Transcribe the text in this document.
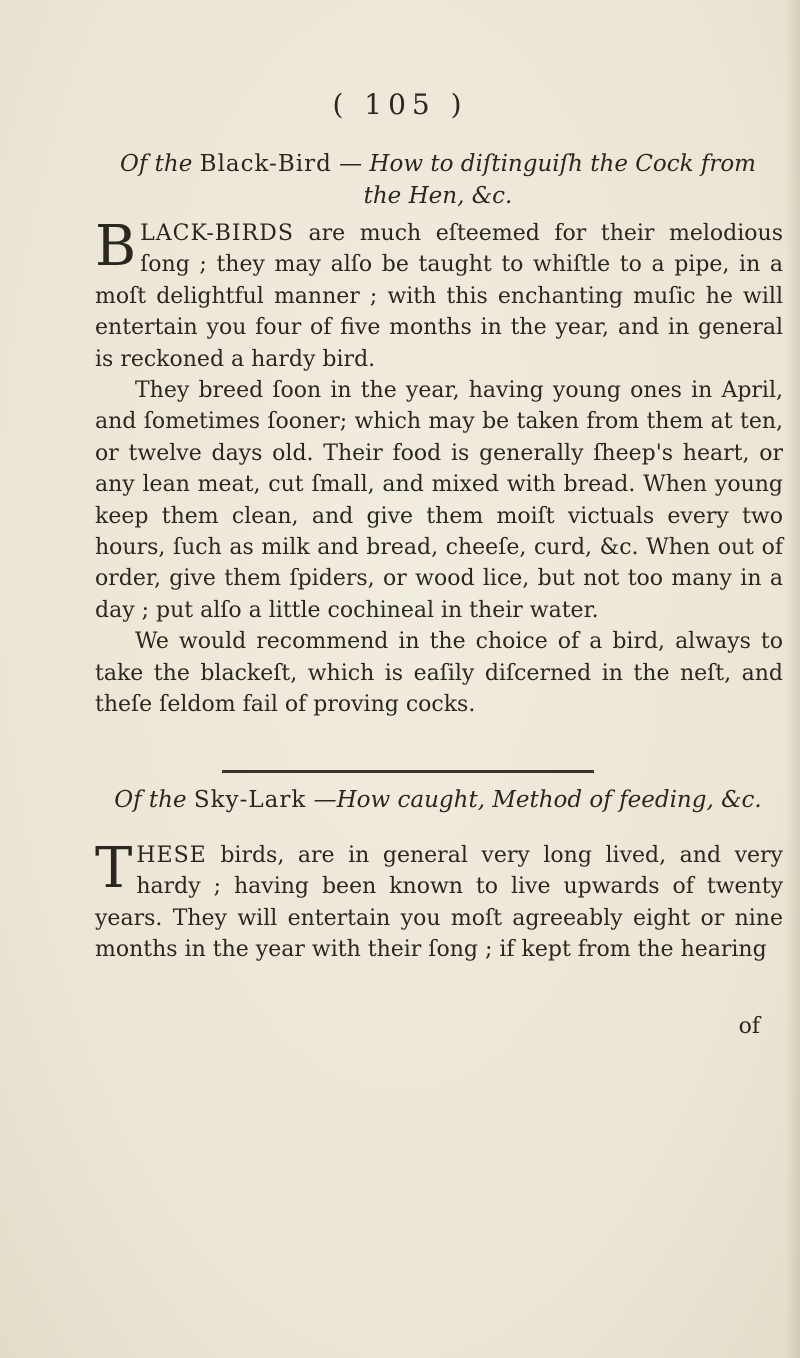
( 105 )
Of the Black-Bird — How to diſtinguiſh the Cock from the Hen, &c.

BLACK-BIRDS are much eſteemed for their melodious ſong ; they may alſo be taught to whiſtle to a pipe, in a moſt delightful manner ; with this enchanting muſic he will entertain you four of five months in the year, and in general is reckoned a hardy bird.

They breed ſoon in the year, having young ones in April, and ſometimes ſooner; which may be taken from them at ten, or twelve days old. Their food is generally ſheep's heart, or any lean meat, cut ſmall, and mixed with bread. When young keep them clean, and give them moiſt victuals every two hours, ſuch as milk and bread, cheeſe, curd, &c. When out of order, give them ſpiders, or wood lice, but not too many in a day ; put alſo a little cochineal in their water.

We would recommend in the choice of a bird, always to take the blackeſt, which is eaſily diſcerned in the neſt, and theſe ſeldom fail of proving cocks.

Of the Sky-Lark —How caught, Method of feeding, &c.

THESE birds, are in general very long lived, and very hardy ; having been known to live upwards of twenty years. They will entertain you moſt agreeably eight or nine months in the year with their ſong ; if kept from the hearing

of
